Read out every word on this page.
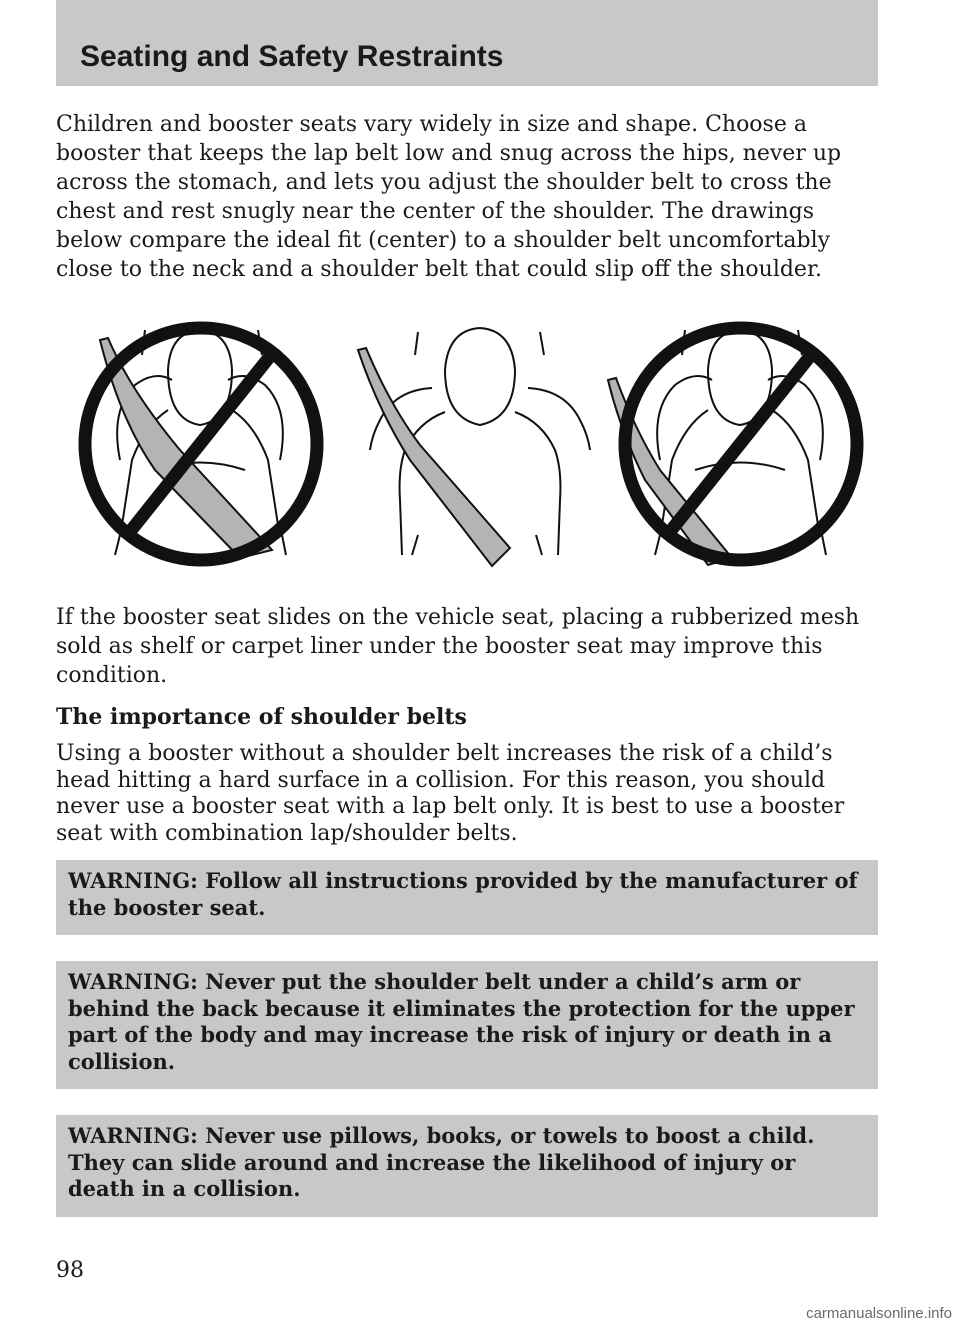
Seating and Safety Restraints

Children and booster seats vary widely in size and shape. Choose a booster that keeps the lap belt low and snug across the hips, never up across the stomach, and lets you adjust the shoulder belt to cross the chest and rest snugly near the center of the shoulder. The drawings below compare the ideal fit (center) to a shoulder belt uncomfortably close to the neck and a shoulder belt that could slip off the shoulder.

If the booster seat slides on the vehicle seat, placing a rubberized mesh sold as shelf or carpet liner under the booster seat may improve this condition.

The importance of shoulder belts

Using a booster without a shoulder belt increases the risk of a child’s head hitting a hard surface in a collision. For this reason, you should never use a booster seat with a lap belt only. It is best to use a booster seat with combination lap/shoulder belts.

WARNING: Follow all instructions provided by the manufacturer of the booster seat.
WARNING: Never put the shoulder belt under a child’s arm or behind the back because it eliminates the protection for the upper part of the body and may increase the risk of injury or death in a collision.
WARNING: Never use pillows, books, or towels to boost a child. They can slide around and increase the likelihood of injury or death in a collision.
98
carmanualsonline.info
